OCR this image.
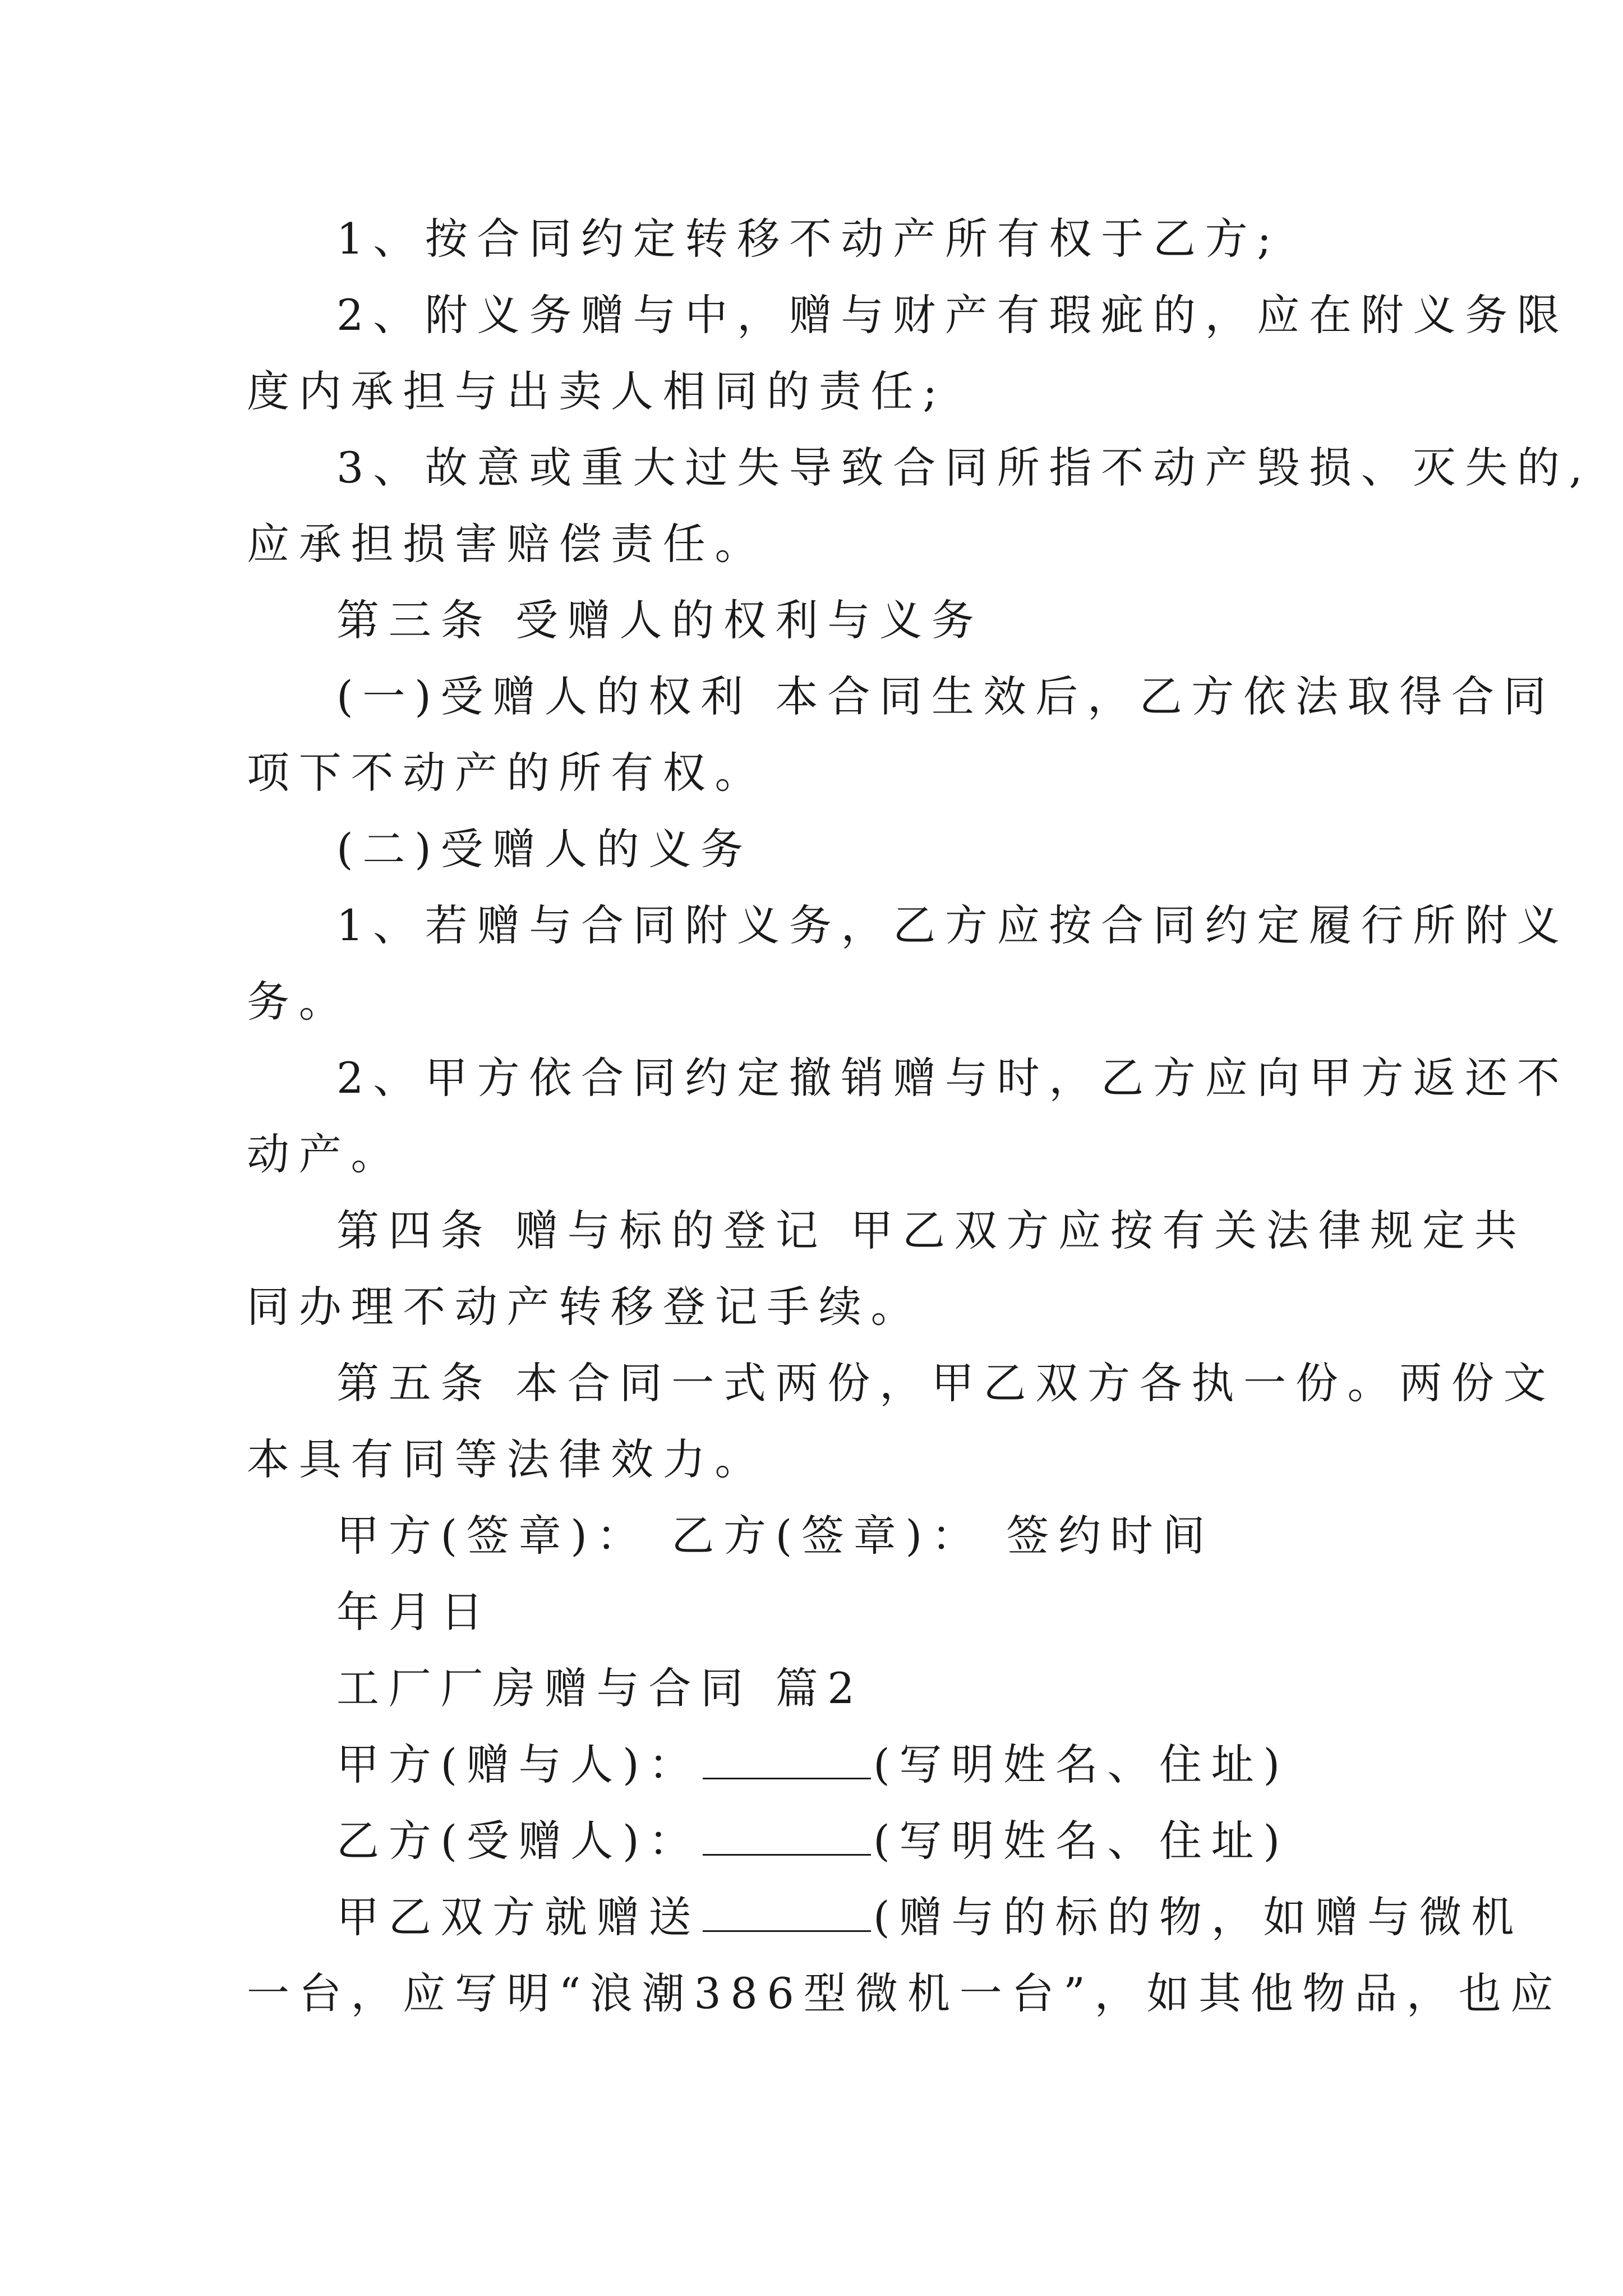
1、按合同约定转移不动产所有权于乙方;
2、附义务赠与中，赠与财产有瑕疵的，应在附义务限
度内承担与出卖人相同的责任;
3、故意或重大过失导致合同所指不动产毁损、灭失的,
应承担损害赔偿责任。
第三条 受赠人的权利与义务
(一)受赠人的权利 本合同生效后，乙方依法取得合同
项下不动产的所有权。
(二)受赠人的义务
1、若赠与合同附义务，乙方应按合同约定履行所附义
务。
2、甲方依合同约定撤销赠与时，乙方应向甲方返还不
动产。
第四条 赠与标的登记 甲乙双方应按有关法律规定共
同办理不动产转移登记手续。
第五条 本合同一式两份，甲乙双方各执一份。两份文
本具有同等法律效力。
甲方(签章)： 乙方(签章)： 签约时间
年月日
工厂厂房赠与合同 篇2
甲方(赠与人)：	(写明姓名、住址)
乙方(受赠人)：	(写明姓名、住址)
甲乙双方就赠送	(赠与的标的物，如赠与微机
一台，应写明“浪潮386型微机一台”，如其他物品，也应
